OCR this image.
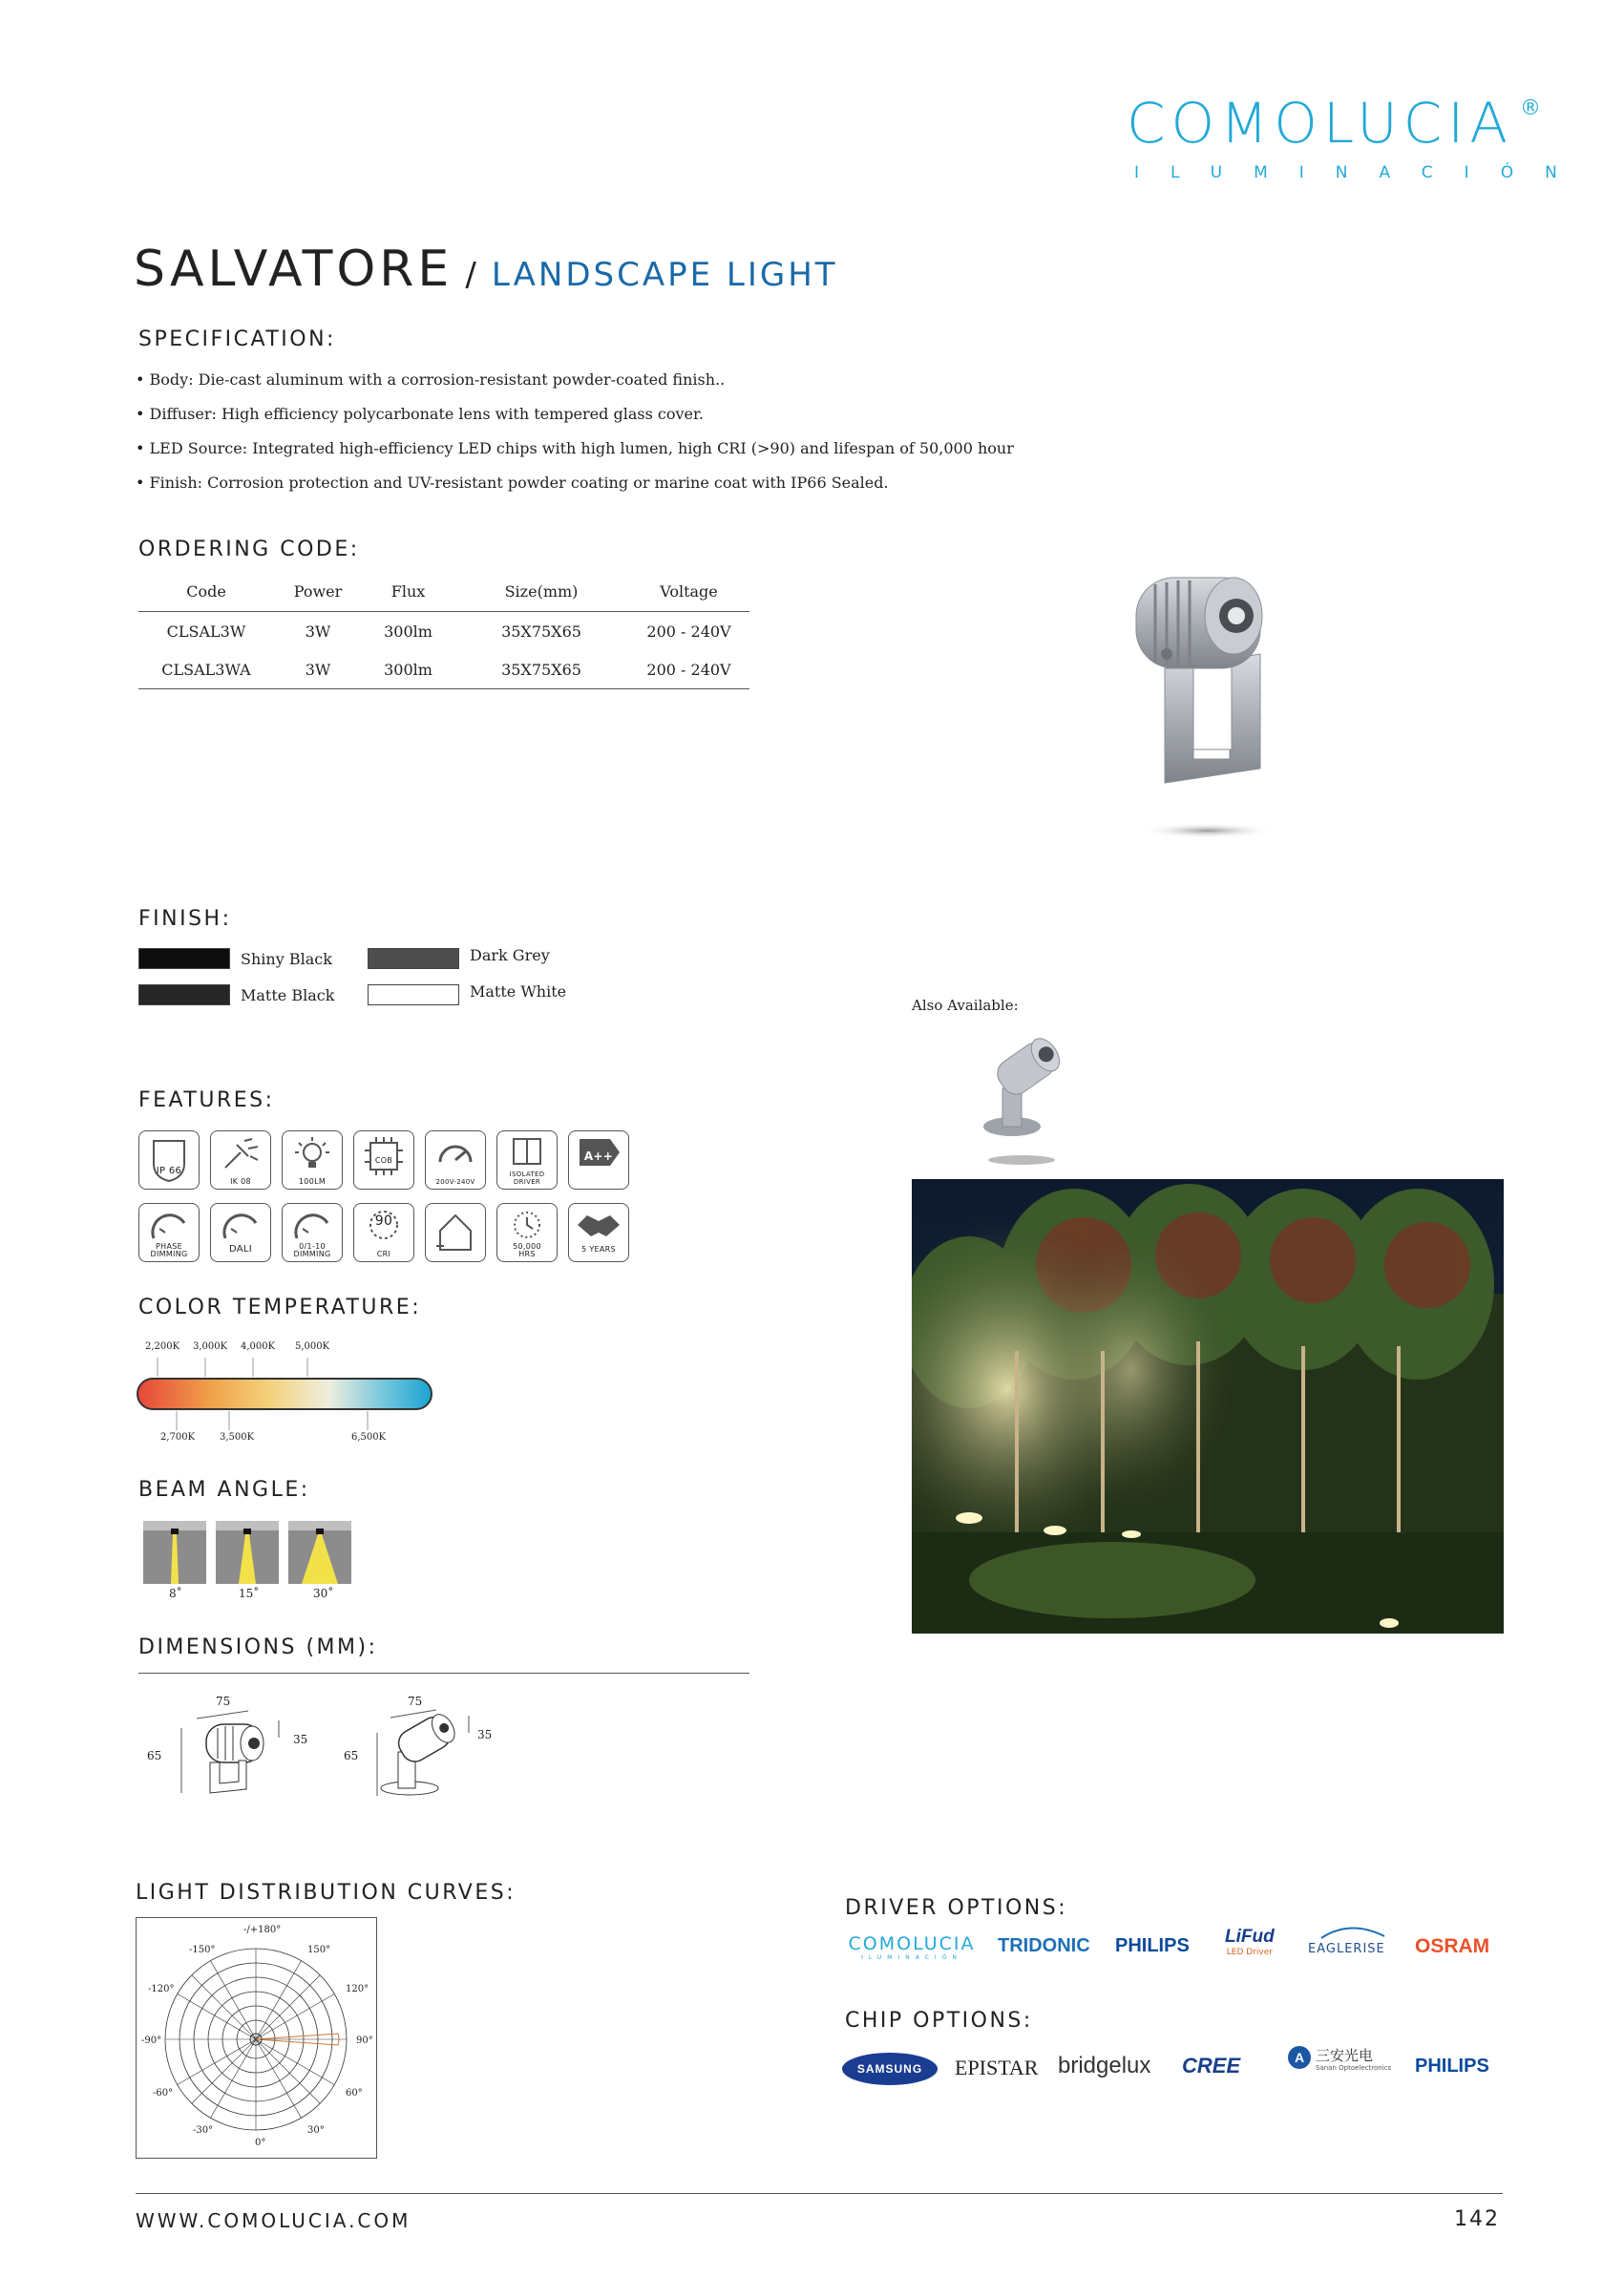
COMOLUCIA ®
ILUMINACIÓN
SALVATORE / LANDSCAPE LIGHT
SPECIFICATION:
• Body: Die-cast aluminum with a corrosion-resistant powder-coated finish..
• Diffuser: High efficiency polycarbonate lens with tempered glass cover.
• LED Source: Integrated high-efficiency LED chips with high lumen, high CRI (>90) and lifespan of 50,000 hour
• Finish: Corrosion protection and UV-resistant powder coating or marine coat with IP66 Sealed.
ORDERING CODE:
Code	Power	Flux	Size(mm)	Voltage
CLSAL3W	3W	300lm	35X75X65	200 - 240V
CLSAL3WA	3W	300lm	35X75X65	200 - 240V
FINISH:
Shiny Black	Dark Grey
Matte Black	Matte White
Also Available:
FEATURES:
IP 66
IK 08	100LM
COB
200V-240V
ISOLATED DRIVER
A++
PHASE DIMMING	DALI	0/1-10 DIMMING
90
CRI
50,000 HRS
5 YEARS
COLOR TEMPERATURE:
2,200K 3,000K 4,000K 5,000K
2,700K	3,500K	6,500K
BEAM ANGLE:
8˚	15˚	30˚
DIMENSIONS (MM):
75
35
65
75
35
65
LIGHT DISTRIBUTION CURVES:
-/+180°
-150°	150°
-120°	120°
-90°	90°
-60°	60°
-30°	30°
0°
DRIVER OPTIONS:
COMOLUCIA
ILUMINACIÓN
TRIDONIC PHILIPS LiFud
LED Driver	EAGLERISE	OSRAM
CHIP OPTIONS:
SAMSUNG EPISTAR bridgelux CREE	A 三安光电
Sanan Optoelectronics PHILIPS
WWW.COMOLUCIA.COM	142
